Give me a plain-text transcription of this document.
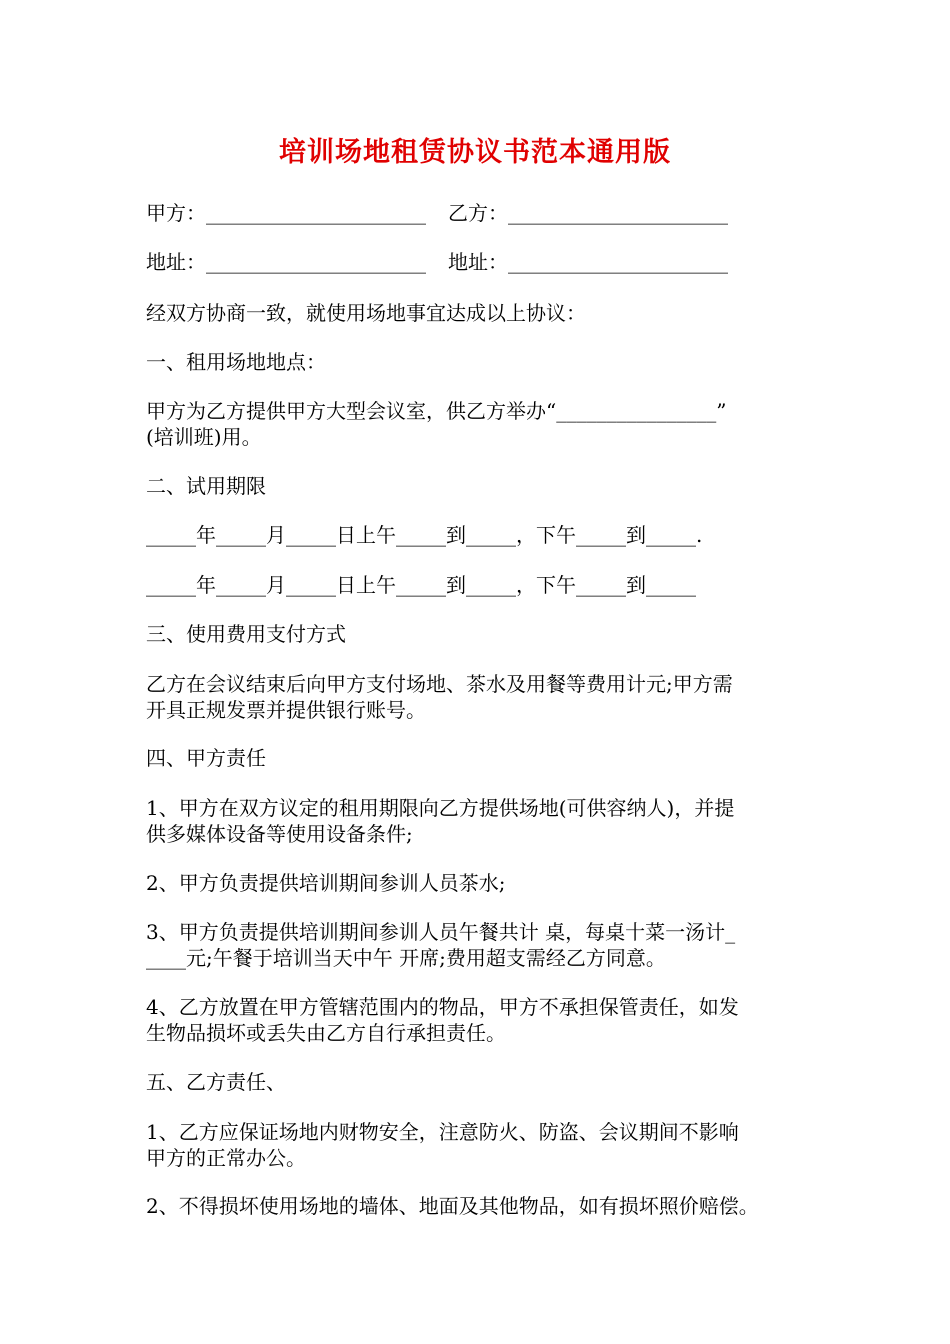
培训场地租赁协议书范本通用版
甲方：______________________	乙方：______________________
地址：______________________	地址：______________________
经双方协商一致，就使用场地事宜达成以上协议：
一、租用场地地点：
甲方为乙方提供甲方大型会议室，供乙方举办“________________”
(培训班)用。
二、试用期限
_____年_____月_____日上午_____到_____，下午_____到_____.
_____年_____月_____日上午_____到_____，下午_____到_____
三、使用费用支付方式
乙方在会议结束后向甲方支付场地、茶水及用餐等费用计元;甲方需
开具正规发票并提供银行账号。
四、甲方责任
1、甲方在双方议定的租用期限向乙方提供场地(可供容纳人)，并提
供多媒体设备等使用设备条件;
2、甲方负责提供培训期间参训人员茶水;
3、甲方负责提供培训期间参训人员午餐共计 桌，每桌十菜一汤计_
____元;午餐于培训当天中午 开席;费用超支需经乙方同意。
4、乙方放置在甲方管辖范围内的物品，甲方不承担保管责任，如发
生物品损坏或丢失由乙方自行承担责任。
五、乙方责任、
1、乙方应保证场地内财物安全，注意防火、防盗、会议期间不影响
甲方的正常办公。
2、不得损坏使用场地的墙体、地面及其他物品，如有损坏照价赔偿。
